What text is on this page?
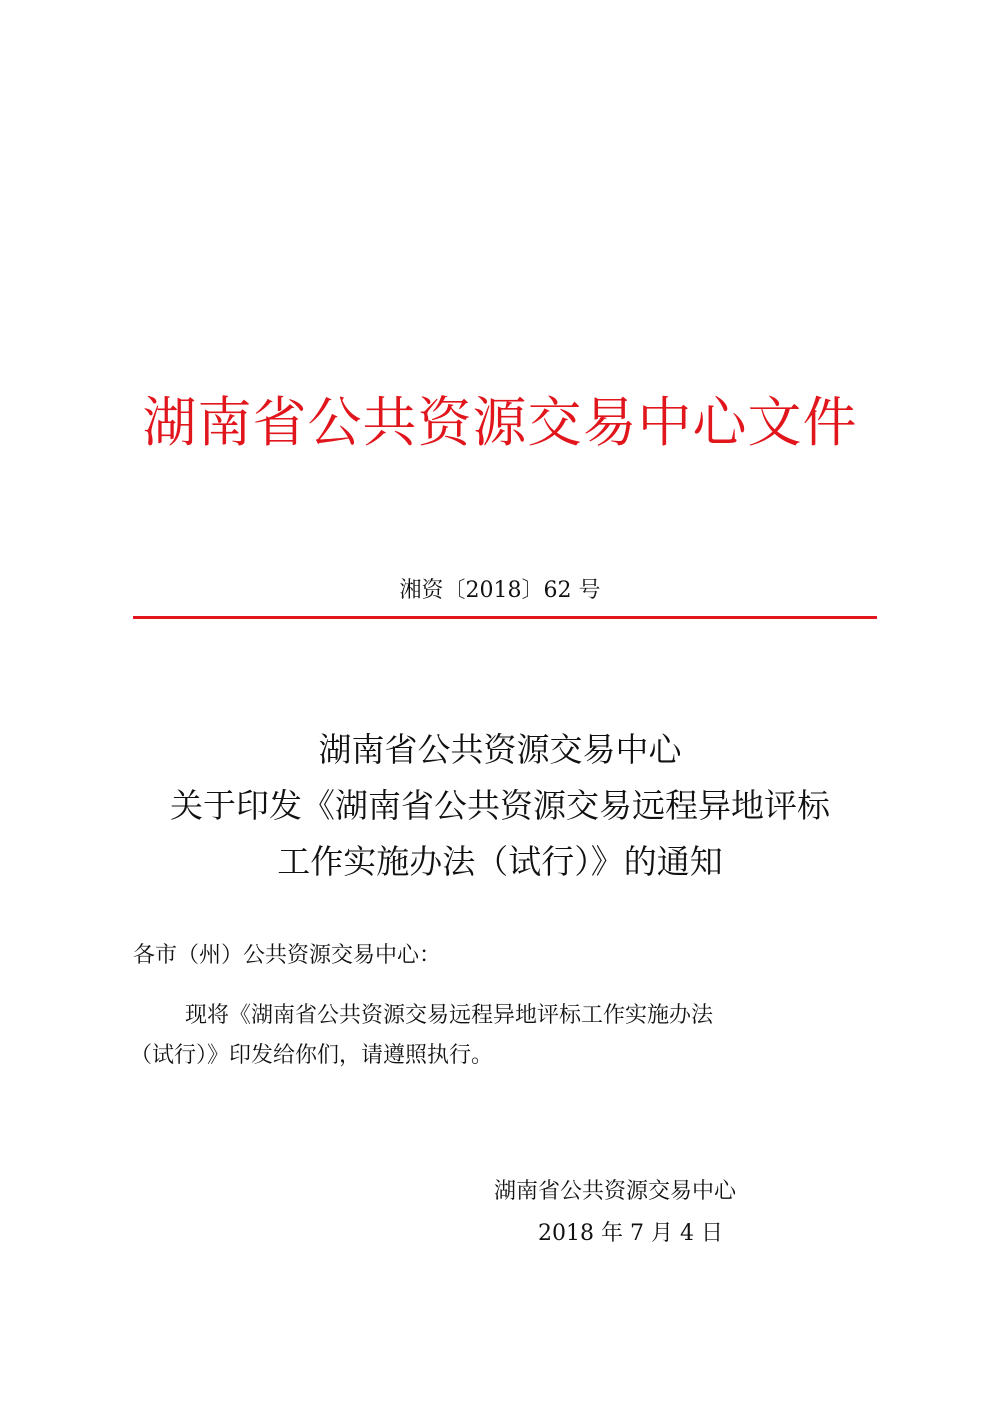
湖南省公共资源交易中心文件
湘资〔2018〕62 号
湖南省公共资源交易中心
关于印发《湖南省公共资源交易远程异地评标
工作实施办法（试行）》的通知
各市（州）公共资源交易中心：
现将《湖南省公共资源交易远程异地评标工作实施办法
（试行）》印发给你们，请遵照执行。
湖南省公共资源交易中心
2018 年 7 月 4 日
